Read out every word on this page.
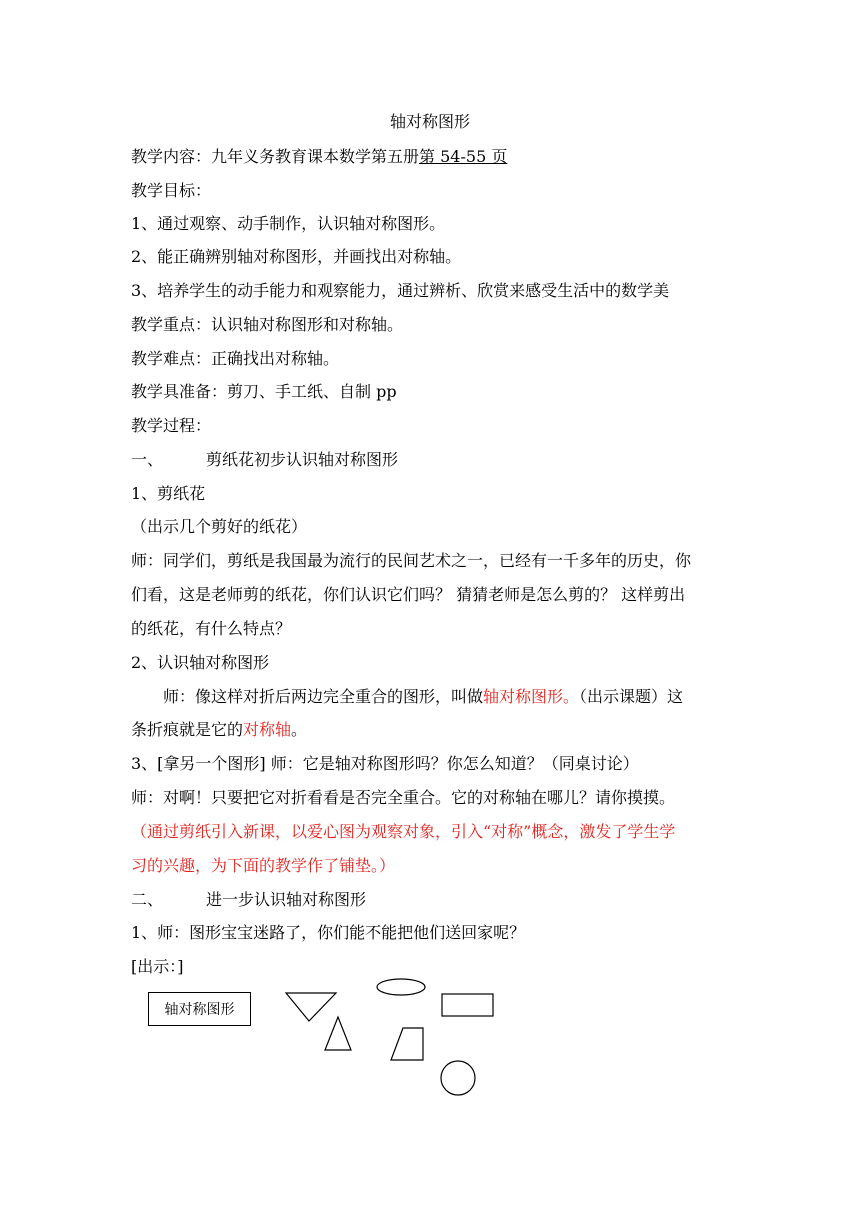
轴对称图形
教学内容：九年义务教育课本数学第五册第 54-55 页
教学目标：
1、通过观察、动手制作，认识轴对称图形。
2、能正确辨别轴对称图形，并画找出对称轴。
3、培养学生的动手能力和观察能力，通过辨析、欣赏来感受生活中的数学美
教学重点：认识轴对称图形和对称轴。
教学难点：正确找出对称轴。
教学具准备：剪刀、手工纸、自制 pp
教学过程：
一、	剪纸花初步认识轴对称图形
1、剪纸花
（出示几个剪好的纸花）
师：同学们，剪纸是我国最为流行的民间艺术之一，已经有一千多年的历史，你
们看，这是老师剪的纸花，你们认识它们吗？ 猜猜老师是怎么剪的？ 这样剪出
的纸花，有什么特点？
2、认识轴对称图形
师：像这样对折后两边完全重合的图形，叫做轴对称图形。（出示课题）这
条折痕就是它的对称轴。
3、[拿另一个图形] 师：它是轴对称图形吗？你怎么知道？（同桌讨论）
师：对啊！只要把它对折看看是否完全重合。它的对称轴在哪儿？请你摸摸。
（通过剪纸引入新课，以爱心图为观察对象，引入“对称”概念，激发了学生学
习的兴趣，为下面的教学作了铺垫。）
二、	进一步认识轴对称图形
1、师：图形宝宝迷路了，你们能不能把他们送回家呢？
[出示：]
轴对称图形
